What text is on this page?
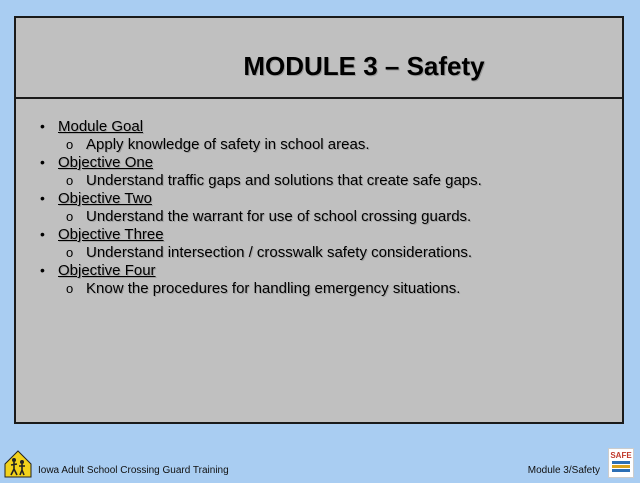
MODULE 3 – Safety
• Module Goal
o Apply knowledge of safety in school areas.
• Objective One
o Understand traffic gaps and solutions that create safe gaps.
• Objective Two
o Understand the warrant for use of school crossing guards.
• Objective Three
o Understand intersection / crosswalk safety considerations.
• Objective Four
o Know the procedures for handling emergency situations.
Iowa Adult School Crossing Guard Training	Module 3/Safety
SAFE
